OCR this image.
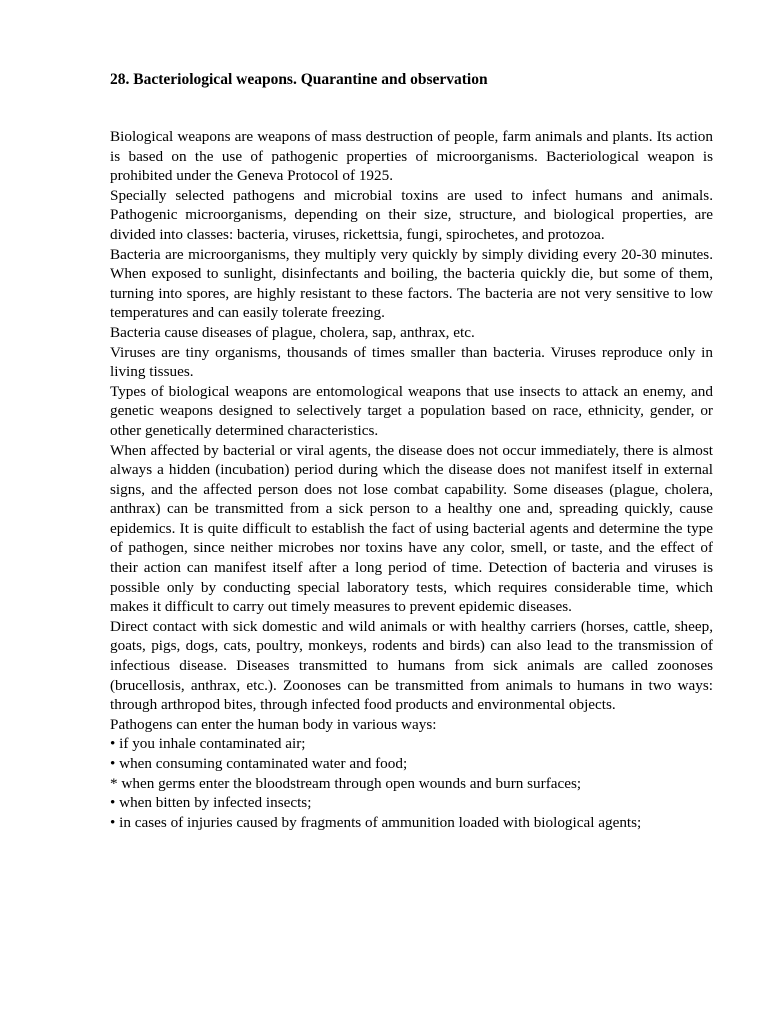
28. Bacteriological weapons. Quarantine and observation

Biological weapons are weapons of mass destruction of people, farm animals and plants. Its action is based on the use of pathogenic properties of microorganisms. Bacteriological weapon is prohibited under the Geneva Protocol of 1925.

Specially selected pathogens and microbial toxins are used to infect humans and animals. Pathogenic microorganisms, depending on their size, structure, and biological properties, are divided into classes: bacteria, viruses, rickettsia, fungi, spirochetes, and protozoa.

Bacteria are microorganisms, they multiply very quickly by simply dividing every 20-30 minutes. When exposed to sunlight, disinfectants and boiling, the bacteria quickly die, but some of them, turning into spores, are highly resistant to these factors. The bacteria are not very sensitive to low temperatures and can easily tolerate freezing.

Bacteria cause diseases of plague, cholera, sap, anthrax, etc.

Viruses are tiny organisms, thousands of times smaller than bacteria. Viruses reproduce only in living tissues.

Types of biological weapons are entomological weapons that use insects to attack an enemy, and genetic weapons designed to selectively target a population based on race, ethnicity, gender, or other genetically determined characteristics.

When affected by bacterial or viral agents, the disease does not occur immediately, there is almost always a hidden (incubation) period during which the disease does not manifest itself in external signs, and the affected person does not lose combat capability. Some diseases (plague, cholera, anthrax) can be transmitted from a sick person to a healthy one and, spreading quickly, cause epidemics. It is quite difficult to establish the fact of using bacterial agents and determine the type of pathogen, since neither microbes nor toxins have any color, smell, or taste, and the effect of their action can manifest itself after a long period of time. Detection of bacteria and viruses is possible only by conducting special laboratory tests, which requires considerable time, which makes it difficult to carry out timely measures to prevent epidemic diseases.

Direct contact with sick domestic and wild animals or with healthy carriers (horses, cattle, sheep, goats, pigs, dogs, cats, poultry, monkeys, rodents and birds) can also lead to the transmission of infectious disease. Diseases transmitted to humans from sick animals are called zoonoses (brucellosis, anthrax, etc.). Zoonoses can be transmitted from animals to humans in two ways: through arthropod bites, through infected food products and environmental objects.

Pathogens can enter the human body in various ways:

• if you inhale contaminated air;
• when consuming contaminated water and food;
* when germs enter the bloodstream through open wounds and burn surfaces;
• when bitten by infected insects;
• in cases of injuries caused by fragments of ammunition loaded with biological agents;
